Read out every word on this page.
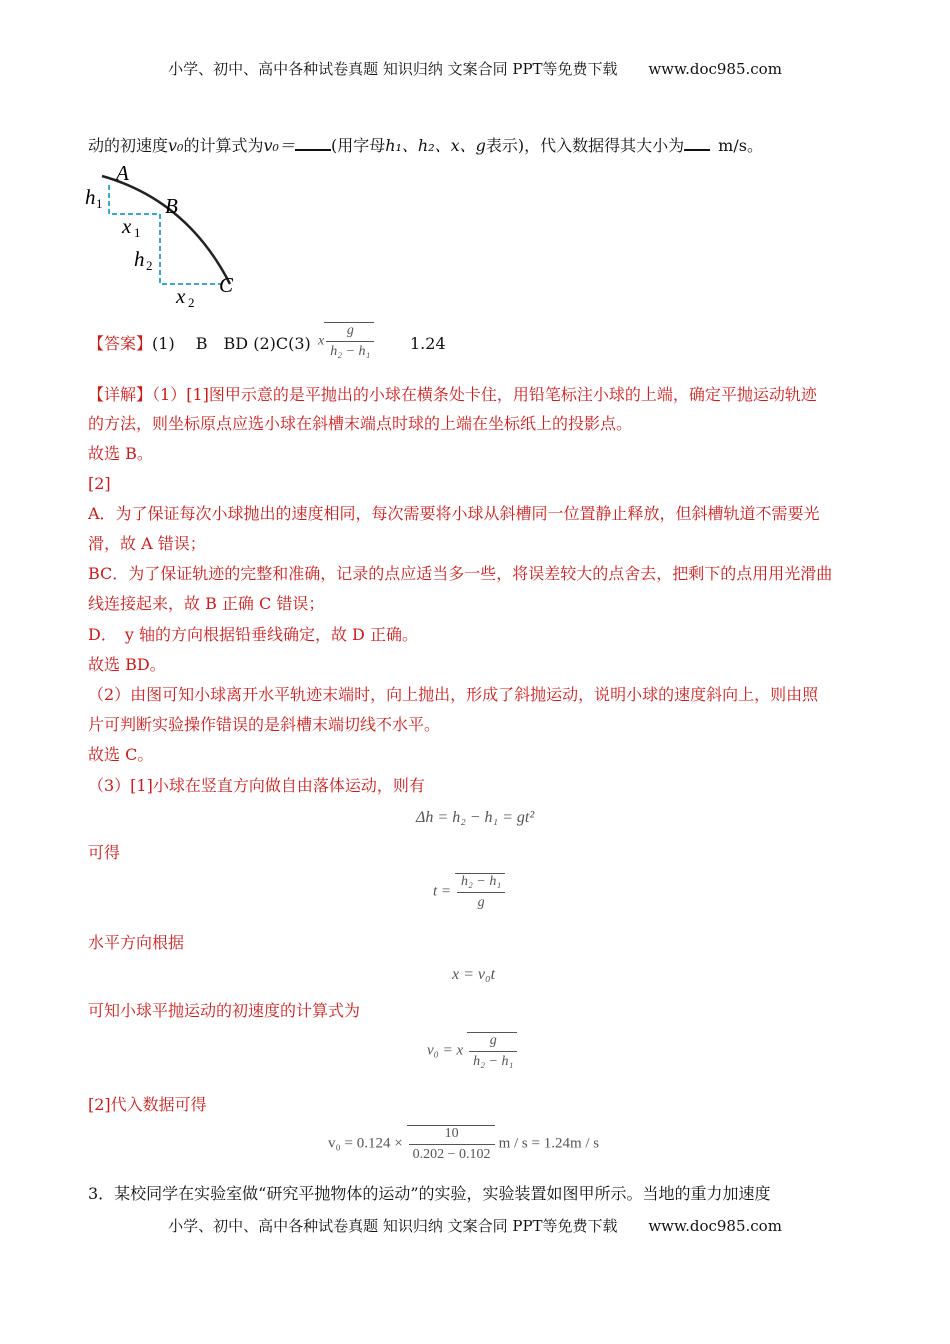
小学、初中、高中各种试卷真题 知识归纳 文案合同 PPT等免费下载 www.doc985.com
动的初速度v₀的计算式为v₀＝ (用字母h₁、h₂、x、g表示)，代入数据得其大小为 m/s。
A
B
C
h 1
x 1
h 2
x 2
【答案】(1)　 B　BD (2)C(3) x $\frac{g}{\text{h₂ − h₁}} 1.24$
【详解】（1）[1]图甲示意的是平抛出的小球在横条处卡住，用铅笔标注小球的上端，确定平抛运动轨迹
的方法，则坐标原点应选小球在斜槽末端点时球的上端在坐标纸上的投影点。
故选 B。
[2]
A．为了保证每次小球抛出的速度相同，每次需要将小球从斜槽同一位置静止释放，但斜槽轨道不需要光
滑，故 A 错误；
BC．为了保证轨迹的完整和准确，记录的点应适当多一些，将误差较大的点舍去，把剩下的点用用光滑曲
线连接起来，故 B 正确 C 错误；
D．　y 轴的方向根据铅垂线确定，故 D 正确。
故选 BD。
（2）由图可知小球离开水平轨迹末端时，向上抛出，形成了斜抛运动，说明小球的速度斜向上，则由照
片可判断实验操作错误的是斜槽末端切线不水平。
故选 C。
（3）[1]小球在竖直方向做自由落体运动，则有
Δh = h₂ − h₁ = gt²
可得
$t = \frac{\text{h₂ − h₁}}{g}$
水平方向根据
x = v₀t
可知小球平抛运动的初速度的计算式为
v₀ = x $\frac{g}{\text{h₂ − h₁}}$
[2]代入数据可得
$v_0 = 0.124 \times \frac{10}{0.202 - 0.102}$ m / s = 1.24m / s
3．某校同学在实验室做“研究平抛物体的运动”的实验，实验装置如图甲所示。当地的重力加速度
小学、初中、高中各种试卷真题 知识归纳 文案合同 PPT等免费下载 www.doc985.com
